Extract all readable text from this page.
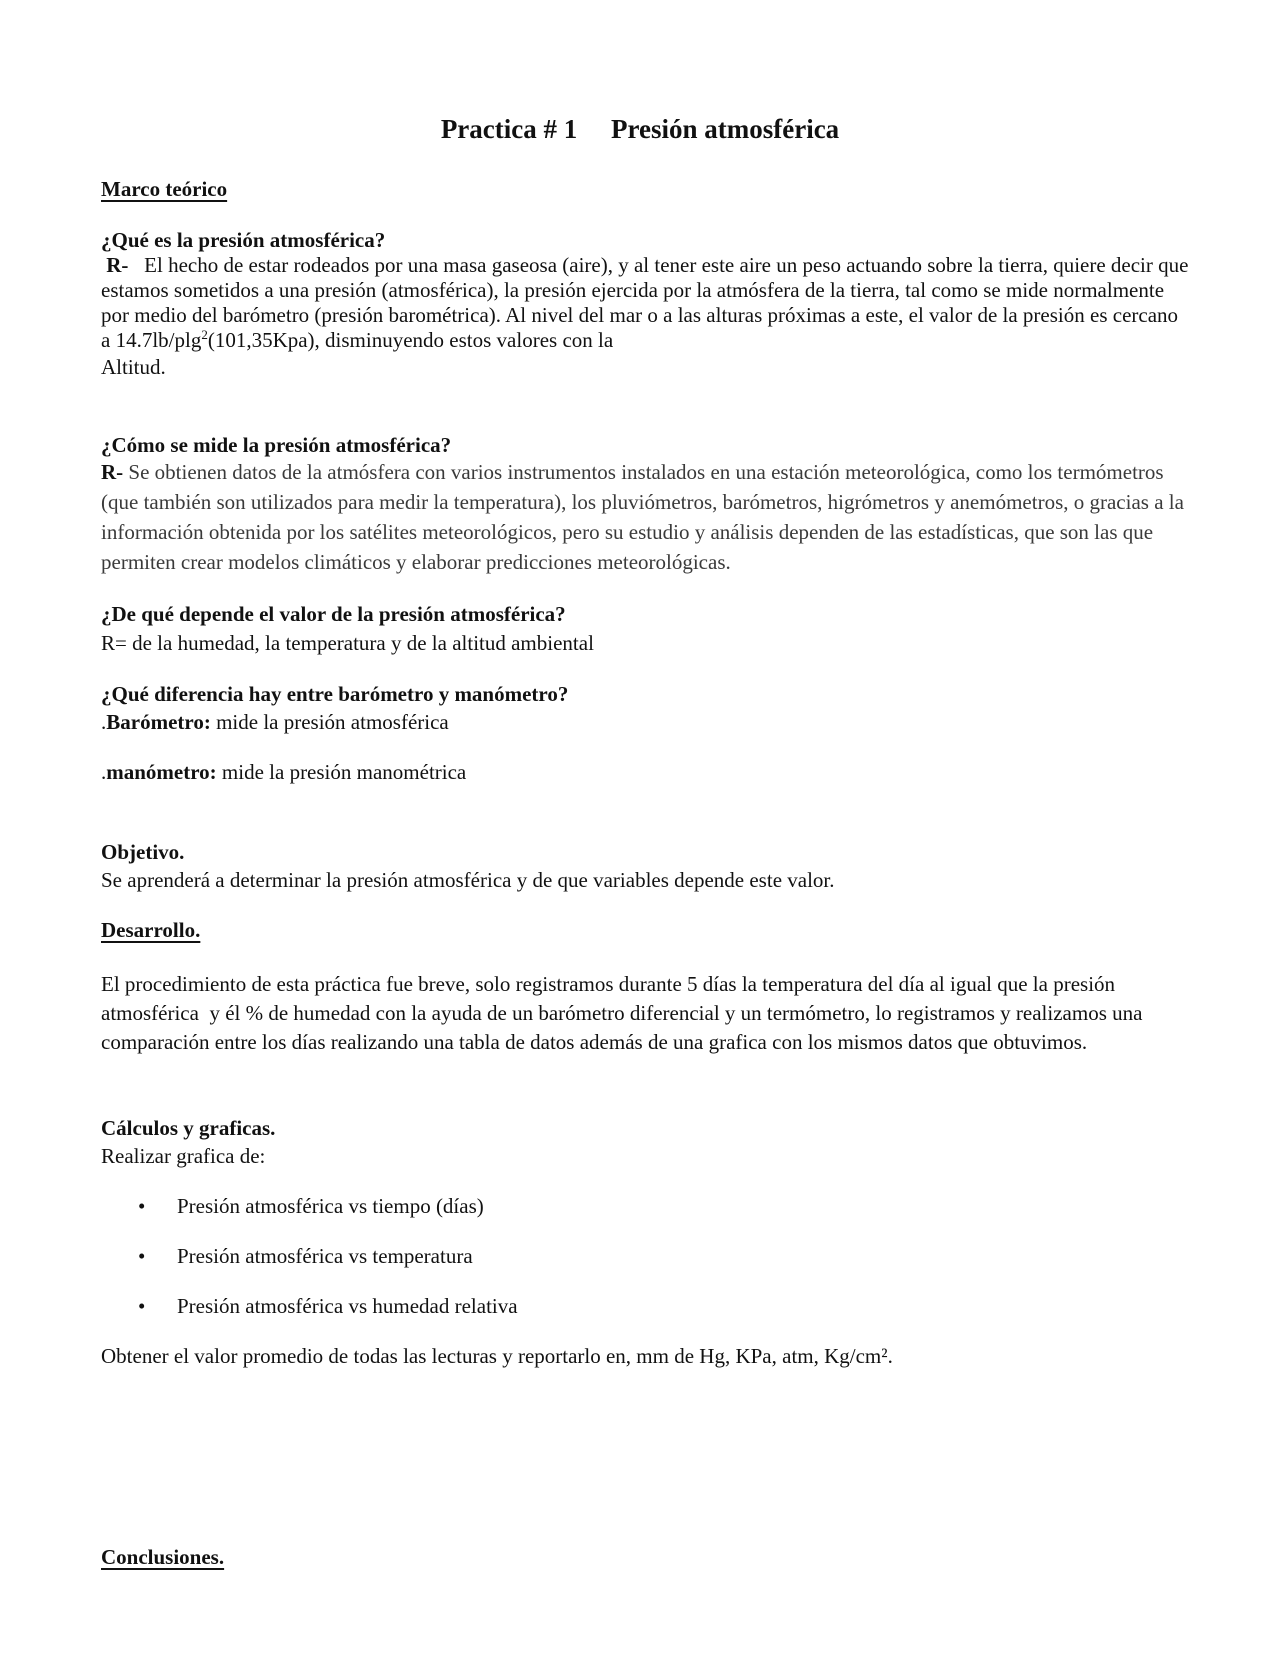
Practica # 1     Presión atmosférica
Marco teórico
¿Qué es la presión atmosférica?
R-   El hecho de estar rodeados por una masa gaseosa (aire), y al tener este aire un peso actuando sobre la tierra, quiere decir que estamos sometidos a una presión (atmosférica), la presión ejercida por la atmósfera de la tierra, tal como se mide normalmente por medio del barómetro (presión barométrica). Al nivel del mar o a las alturas próximas a este, el valor de la presión es cercano a 14.7lb/plg$^2$(101,35Kpa), disminuyendo estos valores con la
Altitud.
¿Cómo se mide la presión atmosférica?
R- Se obtienen datos de la atmósfera con varios instrumentos instalados en una estación meteorológica, como los termómetros (que también son utilizados para medir la temperatura), los pluviómetros, barómetros, higrómetros y anemómetros, o gracias a la información obtenida por los satélites meteorológicos, pero su estudio y análisis dependen de las estadísticas, que son las que permiten crear modelos climáticos y elaborar predicciones meteorológicas.
¿De qué depende el valor de la presión atmosférica?
R= de la humedad, la temperatura y de la altitud ambiental
¿Qué diferencia hay entre barómetro y manómetro?
.Barómetro: mide la presión atmosférica
.manómetro: mide la presión manométrica
Objetivo.
Se aprenderá a determinar la presión atmosférica y de que variables depende este valor.
Desarrollo.
El procedimiento de esta práctica fue breve, solo registramos durante 5 días la temperatura del día al igual que la presión atmosférica  y él % de humedad con la ayuda de un barómetro diferencial y un termómetro, lo registramos y realizamos una comparación entre los días realizando una tabla de datos además de una grafica con los mismos datos que obtuvimos.
Cálculos y graficas.
Realizar grafica de:
• Presión atmosférica vs tiempo (días)
• Presión atmosférica vs temperatura
• Presión atmosférica vs humedad relativa
Obtener el valor promedio de todas las lecturas y reportarlo en, mm de Hg, KPa, atm, Kg/cm².
Conclusiones.
